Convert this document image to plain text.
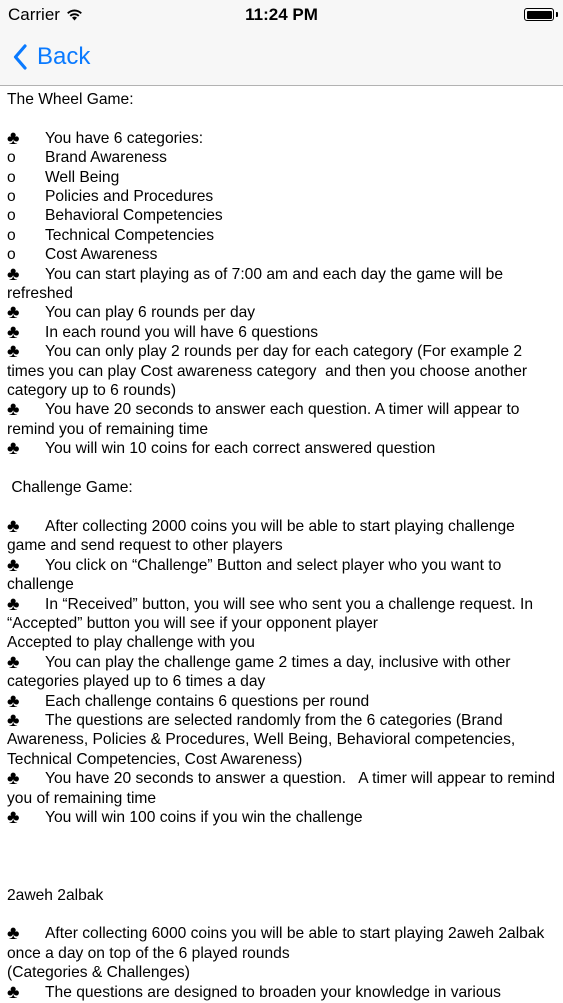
Carrier	11:24 PM
Back

The Wheel Game:

♣ You have 6 categories:

o Brand Awareness

o Well Being

o Policies and Procedures

o Behavioral Competencies

o Technical Competencies

o Cost Awareness

♣ You can start playing as of 7:00 am and each day the game will be refreshed

♣ You can play 6 rounds per day

♣ In each round you will have 6 questions

♣ You can only play 2 rounds per day for each category (For example 2 times you can play Cost awareness category  and then you choose another category up to 6 rounds)

♣ You have 20 seconds to answer each question. A timer will appear to remind you of remaining time

♣ You will win 10 coins for each correct answered question

Challenge Game:

♣ After collecting 2000 coins you will be able to start playing challenge game and send request to other players

♣ You click on “Challenge” Button and select player who you want to challenge

♣ In “Received” button, you will see who sent you a challenge request. In “Accepted” button you will see if your opponent player
Accepted to play challenge with you

♣ You can play the challenge game 2 times a day, inclusive with other categories played up to 6 times a day

♣ Each challenge contains 6 questions per round

♣ The questions are selected randomly from the 6 categories (Brand Awareness, Policies & Procedures, Well Being, Behavioral competencies, Technical Competencies, Cost Awareness)

♣ You have 20 seconds to answer a question.   A timer will appear to remind you of remaining time

♣ You will win 100 coins if you win the challenge

2aweh 2albak

♣ After collecting 6000 coins you will be able to start playing 2aweh 2albak once a day on top of the 6 played rounds
(Categories & Challenges)

♣ The questions are designed to broaden your knowledge in various
